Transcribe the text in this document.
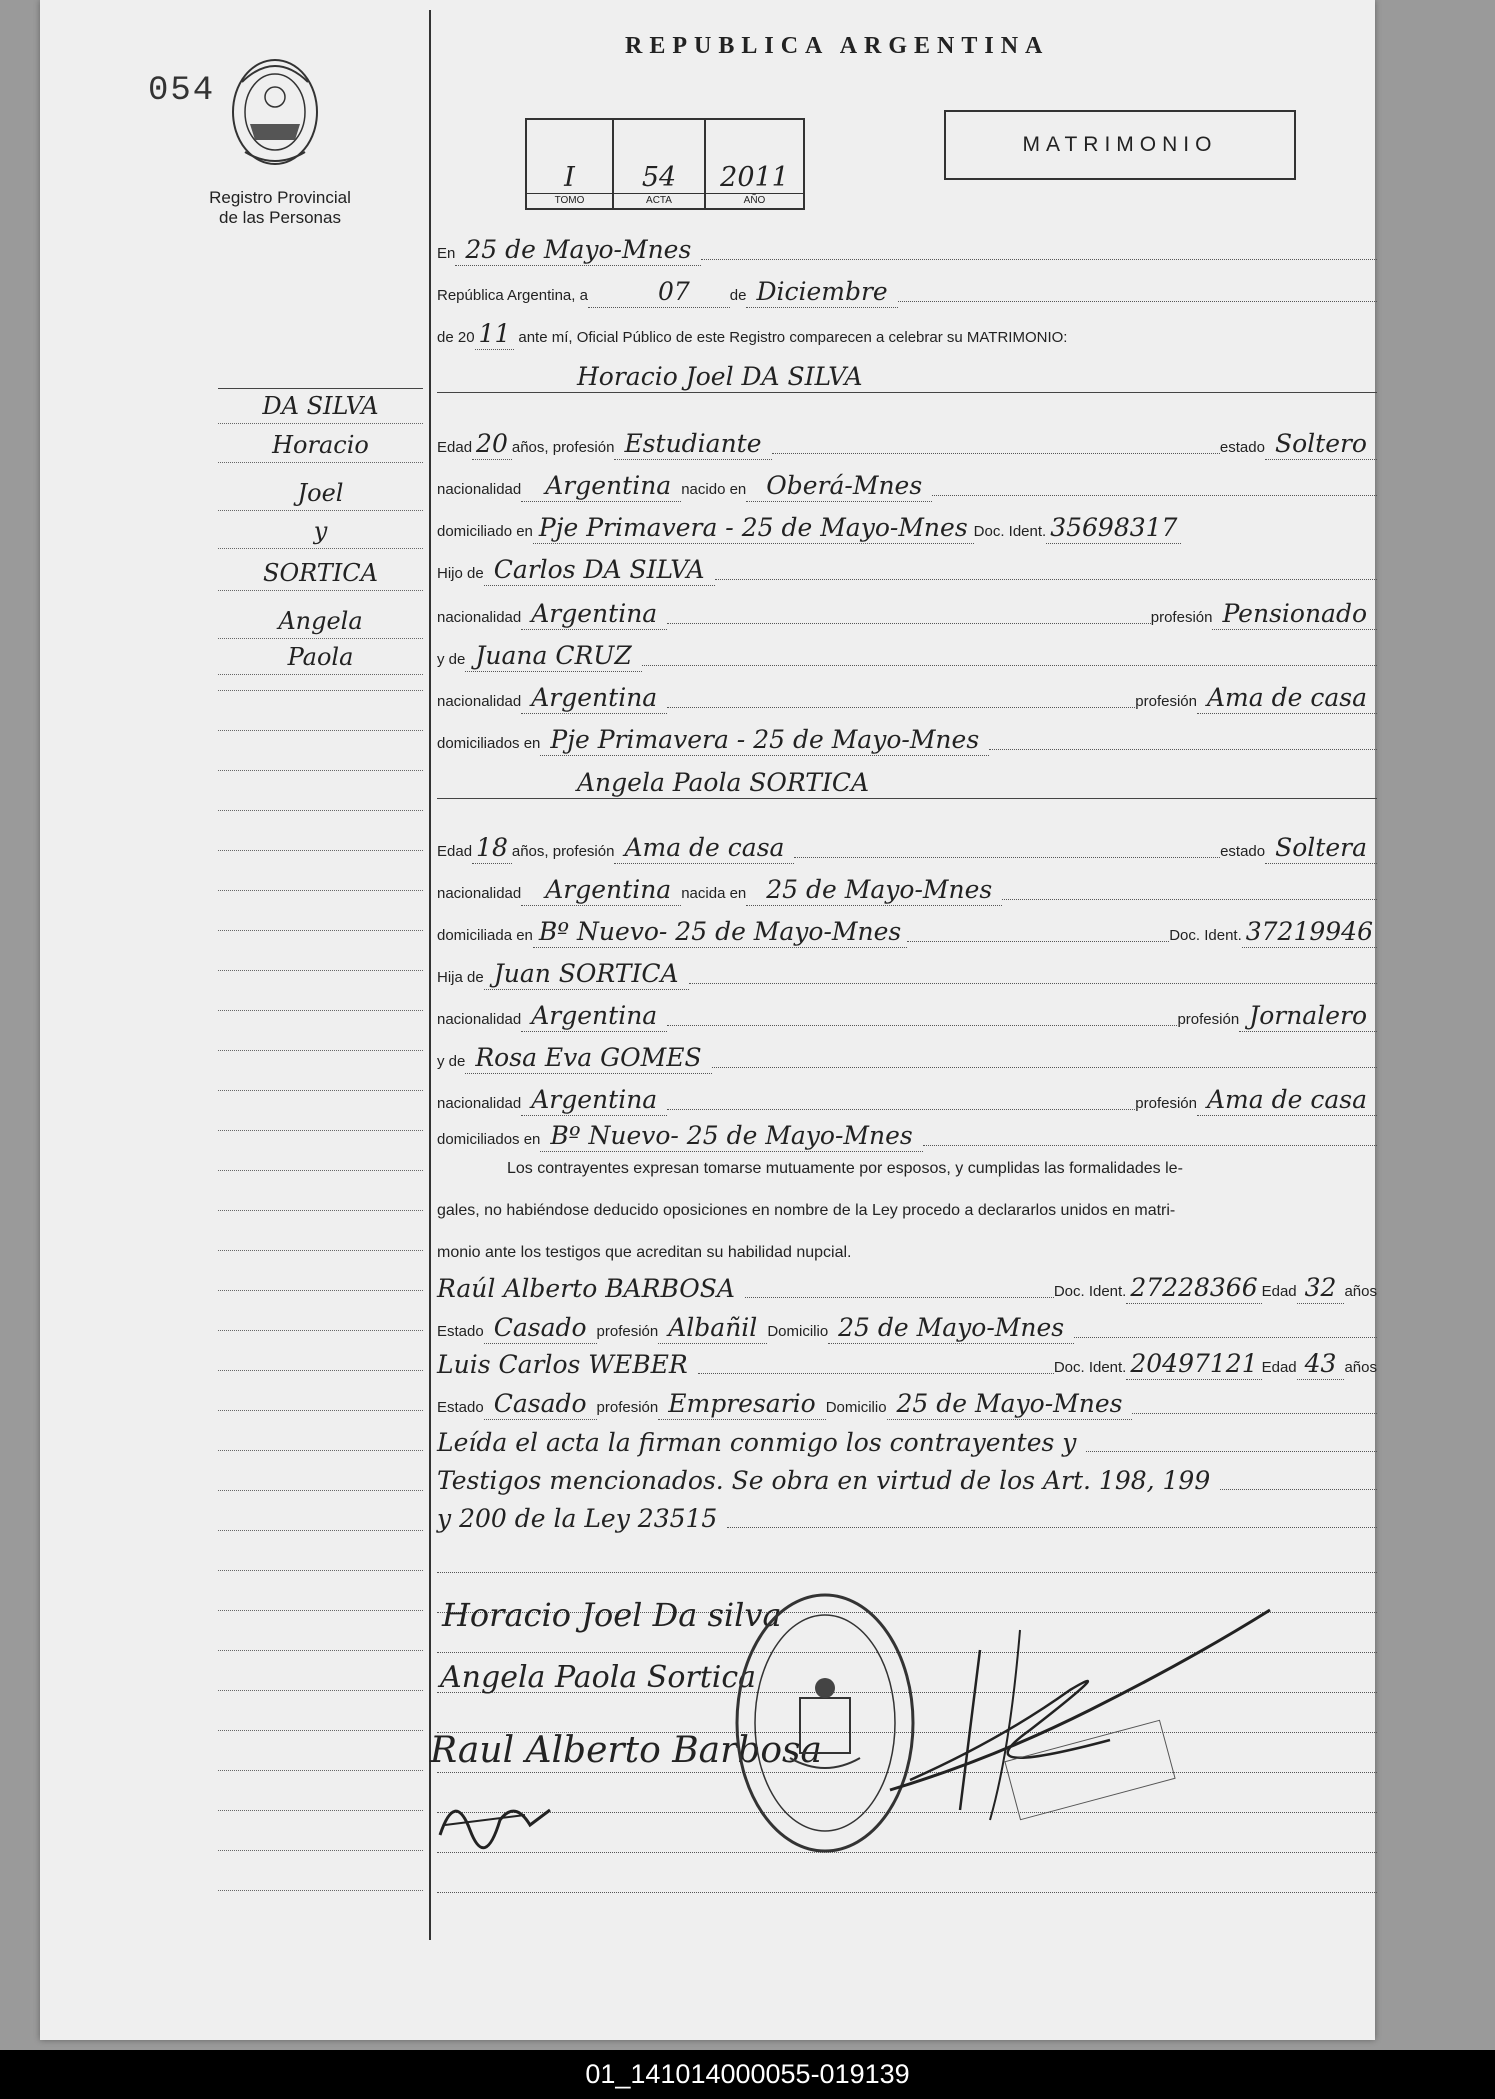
054
Registro Provincial
de las Personas
REPUBLICA ARGENTINA
I
TOMO
54
ACTA
2011
AÑO
MATRIMONIO
En 25 de Mayo-Mnes
República Argentina, a	07	de Diciembre
de 20 11 ante mí, Oficial Público de este Registro comparecen a celebrar su MATRIMONIO:
Horacio Joel DA SILVA
DA SILVA
Horacio
Joel
y
SORTICA
Angela
Paola
Edad 20 años, profesión Estudiante	estado Soltero
nacionalidad Argentina nacido en Oberá-Mnes
domiciliado en Pje Primavera - 25 de Mayo-Mnes Doc. Ident. 35698317
Hijo de Carlos DA SILVA
nacionalidad Argentina	profesión Pensionado
y de Juana CRUZ
nacionalidad Argentina	profesión Ama de casa
domiciliados en Pje Primavera - 25 de Mayo-Mnes
Angela Paola SORTICA
Edad 18 años, profesión Ama de casa	estado Soltera
nacionalidad Argentina nacida en 25 de Mayo-Mnes
domiciliada en Bº Nuevo- 25 de Mayo-Mnes	Doc. Ident. 37219946
Hija de Juan SORTICA
nacionalidad Argentina	profesión Jornalero
y de Rosa Eva GOMES
nacionalidad Argentina	profesión Ama de casa
domiciliados en Bº Nuevo- 25 de Mayo-Mnes
Los contrayentes expresan tomarse mutuamente por esposos, y cumplidas las formalidades le-
gales, no habiéndose deducido oposiciones en nombre de la Ley procedo a declararlos unidos en matri-
monio ante los testigos que acreditan su habilidad nupcial.
Raúl Alberto BARBOSA	Doc. Ident. 27228366 Edad 32 años
Estado Casado profesión Albañil Domicilio 25 de Mayo-Mnes
Luis Carlos WEBER	Doc. Ident. 20497121 Edad 43 años
Estado Casado profesión Empresario Domicilio 25 de Mayo-Mnes
Leída el acta la firman conmigo los contrayentes y
Testigos mencionados. Se obra en virtud de los Art. 198, 199
y 200 de la Ley 23515
Horacio Joel Da silva
Angela Paola Sortica
Raul Alberto Barbosa
01_141014000055-019139
